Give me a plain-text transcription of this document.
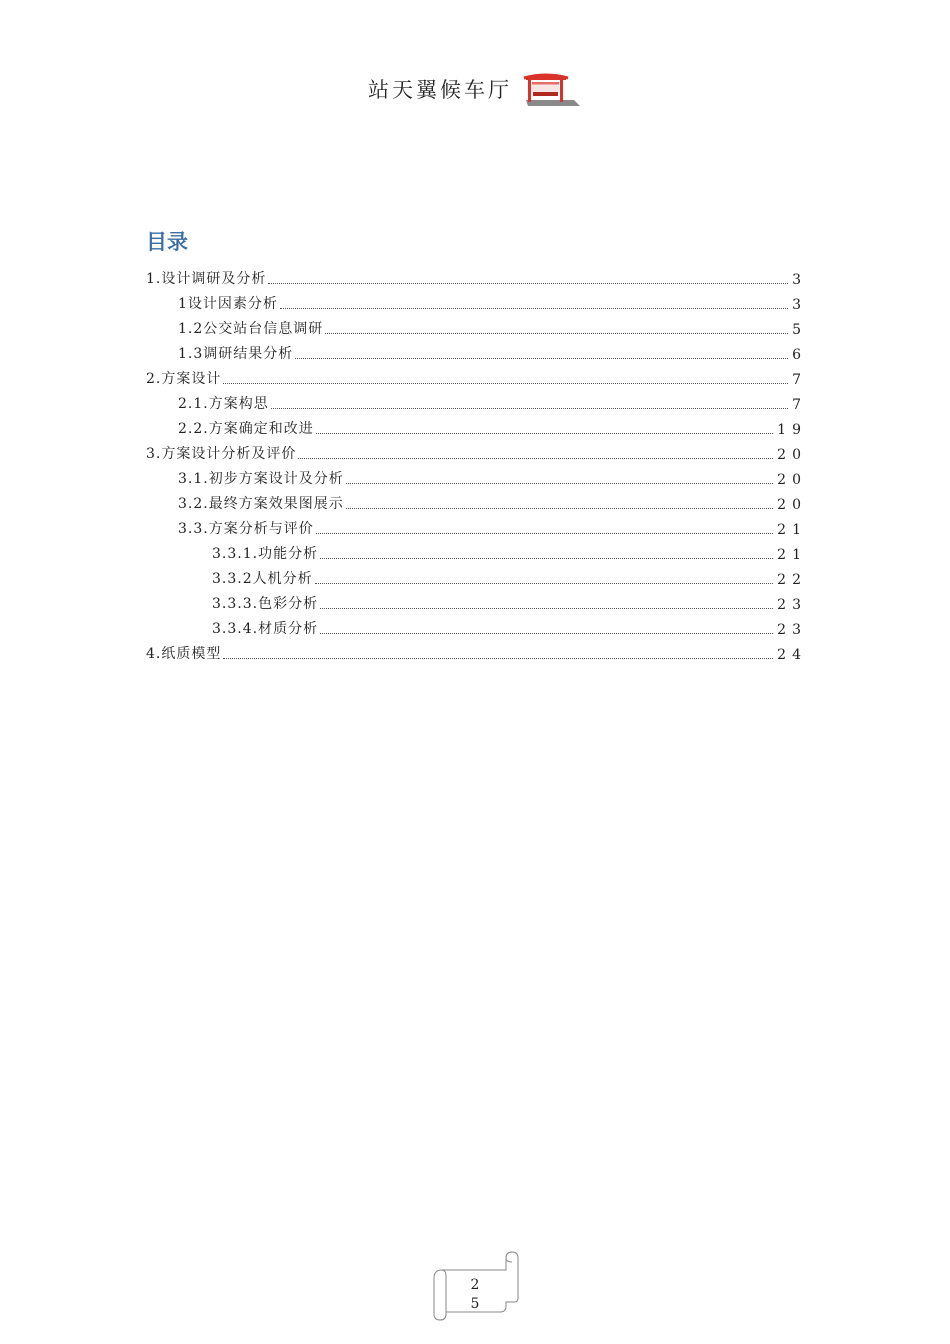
站天翼候车厅
目录
1.设计调研及分析	3
1设计因素分析	3
1.2公交站台信息调研	5
1.3调研结果分析	6
2.方案设计	7
2.1.方案构思	7
2.2.方案确定和改进	19
3.方案设计分析及评价	20
3.1.初步方案设计及分析	20
3.2.最终方案效果图展示	20
3.3.方案分析与评价	21
3.3.1.功能分析	21
3.3.2人机分析	22
3.3.3.色彩分析	23
3.3.4.材质分析	23
4.纸质模型	24
2
5
